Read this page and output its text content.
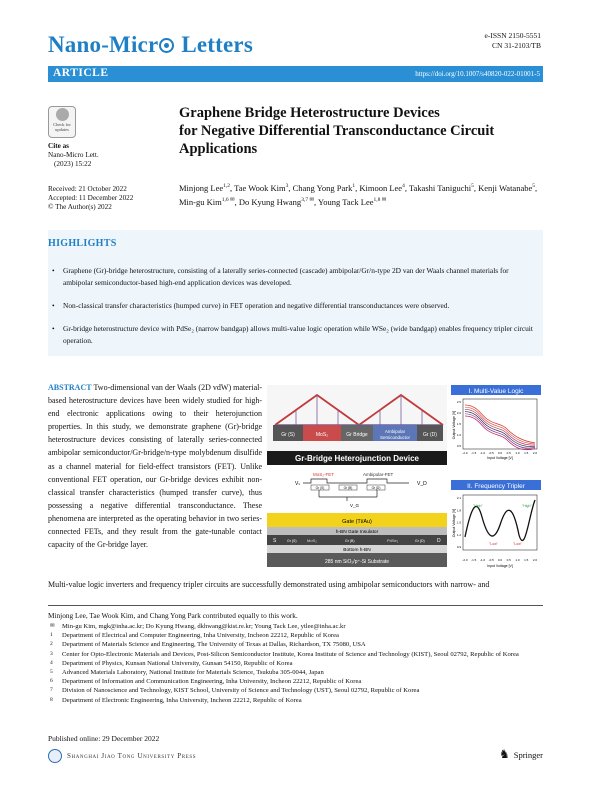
Nano-Micr Letters	e-ISSN 2150-5551
CN 31-2103/TB
ARTICLE	https://doi.org/10.1007/s40820-022-01001-5
Check for updates
Cite as
Nano-Micro Lett.
(2023) 15:22
Received: 21 October 2022
Accepted: 11 December 2022
© The Author(s) 2022
Graphene Bridge Heterostructure Devices
for Negative Differential Transconductance Circuit
Applications
Minjong Lee$^{1,2}$, Tae Wook Kim$^3$, Chang Yong Park$^1$, Kimoon Lee$^4$, Takashi Taniguchi$^5$, Kenji Watanabe$^5$, Min-gu Kim$^{1,6 ✉}$, Do Kyung Hwang$^{3,7 ✉}$, Young Tack Lee$^{1,8 ✉}$
HIGHLIGHTS
• Graphene (Gr)-bridge heterostructure, consisting of a laterally series-connected (cascade) ambipolar/Gr/n-type 2D van der Waals channel materials for ambipolar semiconductor-based high-end application devices was developed.
• Non-classical transfer characteristics (humped curve) in FET operation and negative differential transconductances were observed.
• Gr-bridge heterostructure device with PdSe₂ (narrow bandgap) allows multi-value logic operation while WSe₂ (wide bandgap) enables frequency tripler circuit operation.
ABSTRACT Two-dimensional van der Waals (2D vdW) material-based heterostructure devices have been widely studied for high-end electronic applications owing to their heterojunction properties. In this study, we demonstrate graphene (Gr)-bridge heterostructure devices consisting of laterally series-connected ambipolar semiconductor/Gr-bridge/n-type molybdenum disulfide as a channel material for field-effect transistors (FET). Unlike conventional FET operation, our Gr-bridge devices exhibit non-classical transfer characteristics (humped transfer curve), thus possessing a negative differential transconductance. These phenomena are interpreted as the operating behavior in two series-connected FETs, and they result from the gate-tunable contact capacity of the Gr-bridge layer.
Multi-value logic inverters and frequency tripler circuits are successfully demonstrated using ambipolar semiconductors with narrow- and
Gr (S)	MoS₂	Gr Bridge
Ambipolar
Semiconductor	Gr (D)
Gr-Bridge Heterojunction Device
MoS₂-FET	Ambipolar-FET
Vₛ	V_D
Gr (S)	Gr (B)	Gr (D)
V_G
Gate (Ti/Au)
h-BN Gate Insulator
S	D
MoS₂	PdSe₂
Gr (S)	Gr (B)	Gr (D)
Bottom h-BN
285 nm SiO₂/p⁺-Si Substrate
I. Multi-Value Logic
Output Voltage [V]
Input Voltage [V]
-2.0 -1.5 -1.0 -0.5 0.0 0.5 1.0 1.5 2.0
2.5
2.0
1.5
1.0
0.5
II. Frequency Tripler
"High"
"Low"	"Low"
"High"
Output Voltage [V]
Input Voltage [V]
-2.0 -1.5 -1.0 -0.5 0.0 0.5 1.0 1.5 2.0
2.1
1.8
1.5
1.2
0.9
Minjong Lee, Tae Wook Kim, and Chang Yong Park contributed equally to this work.
✉	Min-gu Kim, mgk@inha.ac.kr; Do Kyung Hwang, dkhwang@kist.re.kr; Young Tack Lee, ytlee@inha.ac.kr
1	Department of Electrical and Computer Engineering, Inha University, Incheon 22212, Republic of Korea
2	Department of Materials Science and Engineering, The University of Texas at Dallas, Richardson, TX 75080, USA
3	Center for Opto-Electronic Materials and Devices, Post-Silicon Semiconductor Institute, Korea Institute of Science and Technology (KIST), Seoul 02792, Republic of Korea
4	Department of Physics, Kunsan National University, Gunsan 54150, Republic of Korea
5	Advanced Materials Laboratory, National Institute for Materials Science, Tsukuba 305-0044, Japan
6	Department of Information and Communication Engineering, Inha University, Incheon 22212, Republic of Korea
7	Division of Nanoscience and Technology, KIST School, University of Science and Technology (UST), Seoul 02792, Republic of Korea
8	Department of Electronic Engineering, Inha University, Incheon 22212, Republic of Korea
Published online: 29 December 2022
Shanghai Jiao Tong University Press	♞ Springer
